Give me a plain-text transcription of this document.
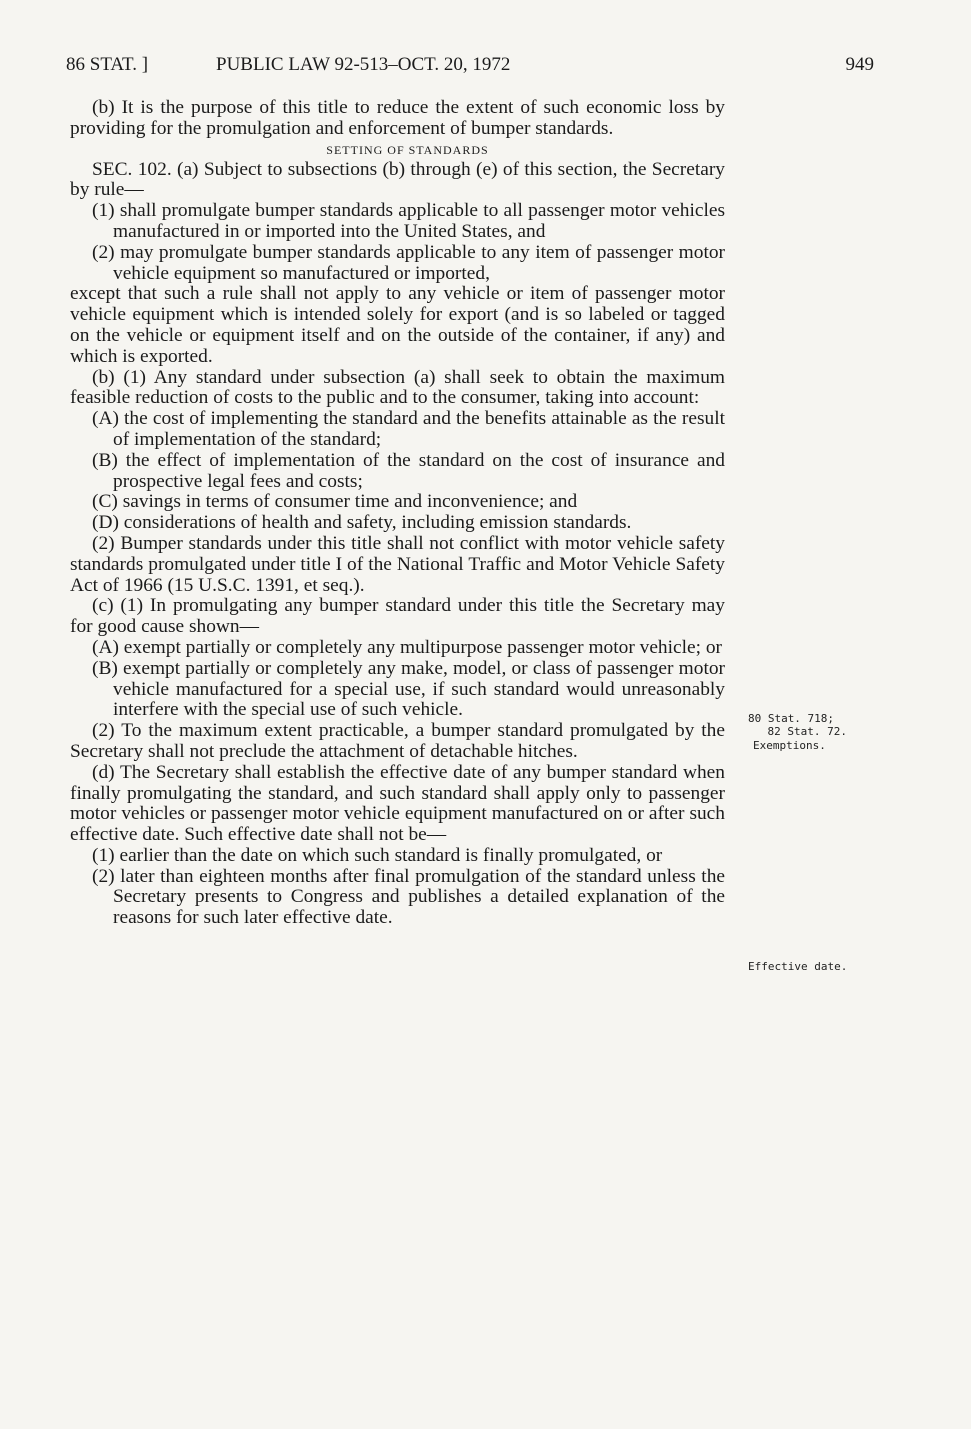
86 STAT. ]	PUBLIC LAW 92-513–OCT. 20, 1972	949

(b) It is the purpose of this title to reduce the extent of such economic loss by providing for the promulgation and enforcement of bumper standards.

SETTING OF STANDARDS

SEC. 102. (a) Subject to subsections (b) through (e) of this section, the Secretary by rule—

(1) shall promulgate bumper standards applicable to all passenger motor vehicles manufactured in or imported into the United States, and

(2) may promulgate bumper standards applicable to any item of passenger motor vehicle equipment so manufactured or imported,

except that such a rule shall not apply to any vehicle or item of passenger motor vehicle equipment which is intended solely for export (and is so labeled or tagged on the vehicle or equipment itself and on the outside of the container, if any) and which is exported.

(b) (1) Any standard under subsection (a) shall seek to obtain the maximum feasible reduction of costs to the public and to the consumer, taking into account:

(A) the cost of implementing the standard and the benefits attainable as the result of implementation of the standard;

(B) the effect of implementation of the standard on the cost of insurance and prospective legal fees and costs;

(C) savings in terms of consumer time and inconvenience; and

(D) considerations of health and safety, including emission standards.

(2) Bumper standards under this title shall not conflict with motor vehicle safety standards promulgated under title I of the National Traffic and Motor Vehicle Safety Act of 1966 (15 U.S.C. 1391, et seq.).

(c) (1) In promulgating any bumper standard under this title the Secretary may for good cause shown—

(A) exempt partially or completely any multipurpose passenger motor vehicle; or

(B) exempt partially or completely any make, model, or class of passenger motor vehicle manufactured for a special use, if such standard would unreasonably interfere with the special use of such vehicle.

(2) To the maximum extent practicable, a bumper standard promulgated by the Secretary shall not preclude the attachment of detachable hitches.

(d) The Secretary shall establish the effective date of any bumper standard when finally promulgating the standard, and such standard shall apply only to passenger motor vehicles or passenger motor vehicle equipment manufactured on or after such effective date. Such effective date shall not be—

(1) earlier than the date on which such standard is finally promulgated, or

(2) later than eighteen months after final promulgation of the standard unless the Secretary presents to Congress and publishes a detailed explanation of the reasons for such later effective date.

80 Stat. 718;
82 Stat. 72.
Exemptions.
Effective date.
